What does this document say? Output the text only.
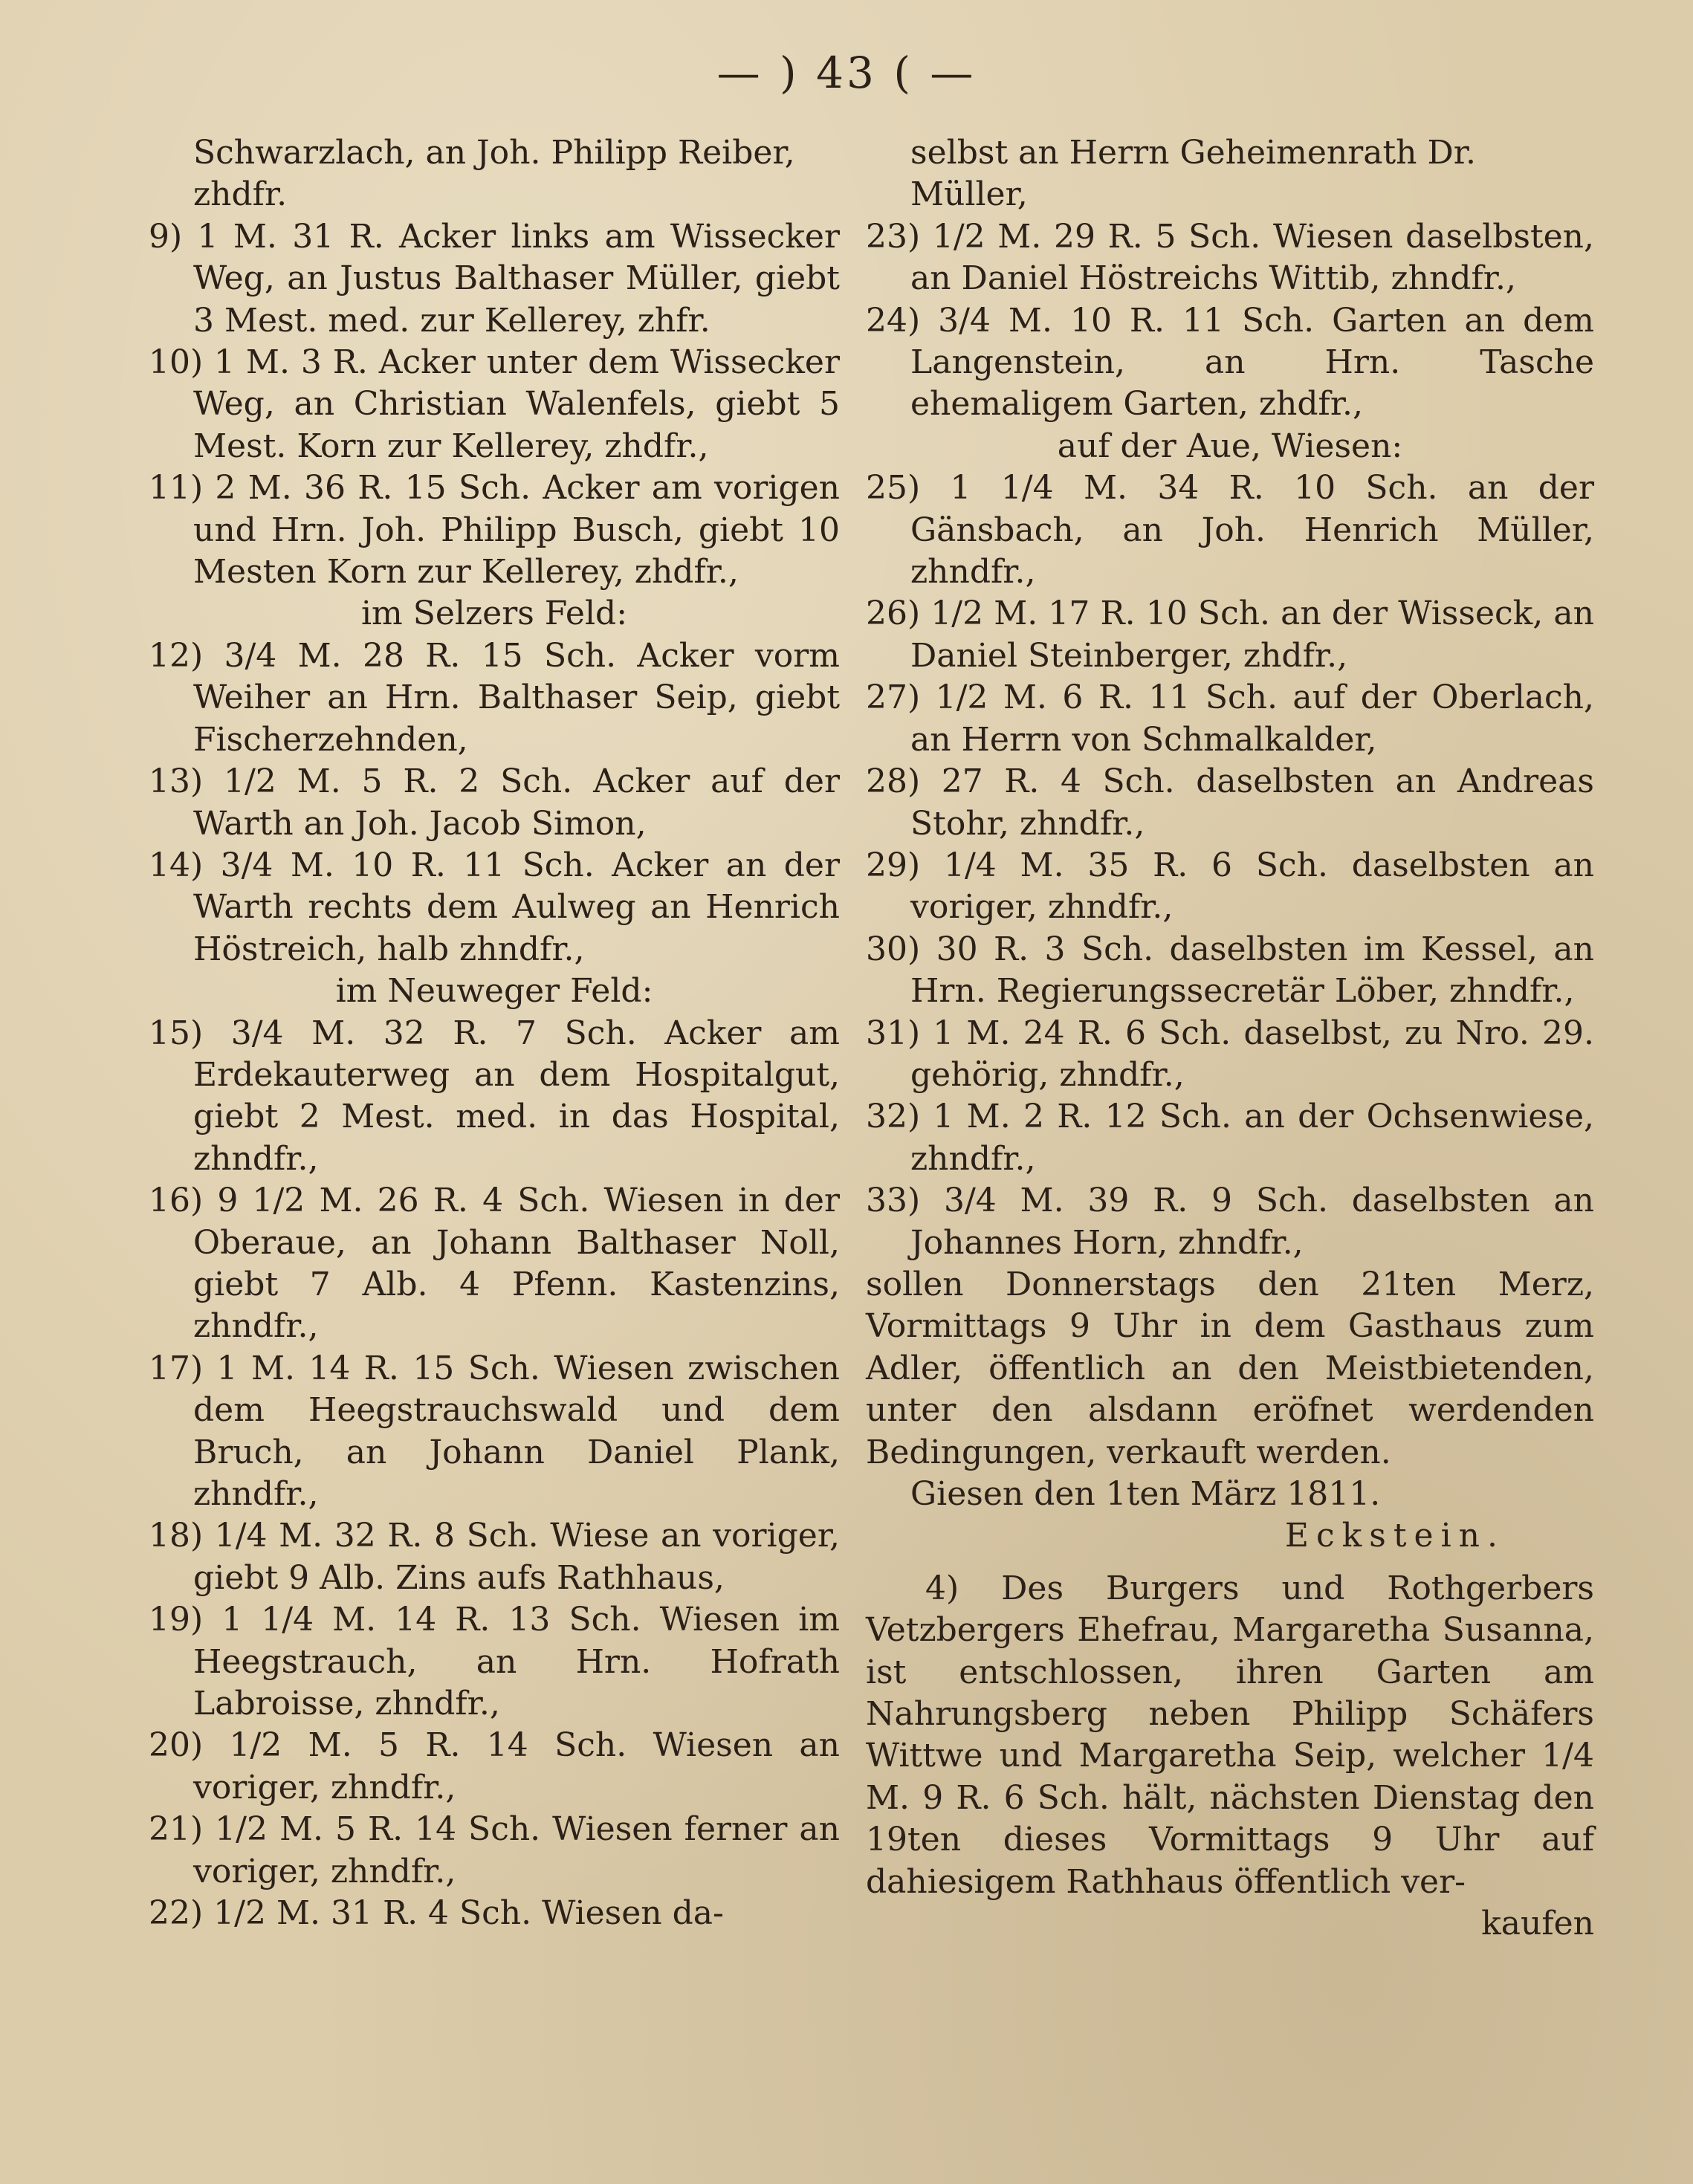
— ) 43 ( —

Schwarzlach, an Joh. Philipp Reiber, zhdfr.

9) 1 M. 31 R. Acker links am Wissecker Weg, an Justus Balthaser Müller, giebt 3 Mest. med. zur Kellerey, zhfr.

10) 1 M. 3 R. Acker unter dem Wissecker Weg, an Christian Walenfels, giebt 5 Mest. Korn zur Kellerey, zhdfr.,

11) 2 M. 36 R. 15 Sch. Acker am vorigen und Hrn. Joh. Philipp Busch, giebt 10 Mesten Korn zur Kellerey, zhdfr.,

im Selzers Feld:

12) 3/4 M. 28 R. 15 Sch. Acker vorm Weiher an Hrn. Balthaser Seip, giebt Fischerzehnden,

13) 1/2 M. 5 R. 2 Sch. Acker auf der Warth an Joh. Jacob Simon,

14) 3/4 M. 10 R. 11 Sch. Acker an der Warth rechts dem Aulweg an Henrich Höstreich, halb zhndfr.,

im Neuweger Feld:

15) 3/4 M. 32 R. 7 Sch. Acker am Erdekauterweg an dem Hospitalgut, giebt 2 Mest. med. in das Hospital, zhndfr.,

16) 9 1/2 M. 26 R. 4 Sch. Wiesen in der Oberaue, an Johann Balthaser Noll, giebt 7 Alb. 4 Pfenn. Kastenzins, zhndfr.,

17) 1 M. 14 R. 15 Sch. Wiesen zwischen dem Heegstrauchswald und dem Bruch, an Johann Daniel Plank, zhndfr.,

18) 1/4 M. 32 R. 8 Sch. Wiese an voriger, giebt 9 Alb. Zins aufs Rathhaus,

19) 1 1/4 M. 14 R. 13 Sch. Wiesen im Heegstrauch, an Hrn. Hofrath Labroisse, zhndfr.,

20) 1/2 M. 5 R. 14 Sch. Wiesen an voriger, zhndfr.,

21) 1/2 M. 5 R. 14 Sch. Wiesen ferner an voriger, zhndfr.,

22) 1/2 M. 31 R. 4 Sch. Wiesen da-

selbst an Herrn Geheimenrath Dr. Müller,

23) 1/2 M. 29 R. 5 Sch. Wiesen daselbsten, an Daniel Höstreichs Wittib, zhndfr.,

24) 3/4 M. 10 R. 11 Sch. Garten an dem Langenstein, an Hrn. Tasche ehemaligem Garten, zhdfr.,

auf der Aue, Wiesen:

25) 1 1/4 M. 34 R. 10 Sch. an der Gänsbach, an Joh. Henrich Müller, zhndfr.,

26) 1/2 M. 17 R. 10 Sch. an der Wisseck, an Daniel Steinberger, zhdfr.,

27) 1/2 M. 6 R. 11 Sch. auf der Oberlach, an Herrn von Schmalkalder,

28) 27 R. 4 Sch. daselbsten an Andreas Stohr, zhndfr.,

29) 1/4 M. 35 R. 6 Sch. daselbsten an voriger, zhndfr.,

30) 30 R. 3 Sch. daselbsten im Kessel, an Hrn. Regierungssecretär Löber, zhndfr.,

31) 1 M. 24 R. 6 Sch. daselbst, zu Nro. 29. gehörig, zhndfr.,

32) 1 M. 2 R. 12 Sch. an der Ochsenwiese, zhndfr.,

33) 3/4 M. 39 R. 9 Sch. daselbsten an Johannes Horn, zhndfr.,

sollen Donnerstags den 21ten Merz, Vormittags 9 Uhr in dem Gasthaus zum Adler, öffentlich an den Meistbietenden, unter den alsdann eröfnet werdenden Bedingungen, verkauft werden.

Giesen den 1ten März 1811.

Eckstein.

4) Des Burgers und Rothgerbers Vetzbergers Ehefrau, Margaretha Susanna, ist entschlossen, ihren Garten am Nahrungsberg neben Philipp Schäfers Wittwe und Margaretha Seip, welcher 1/4 M. 9 R. 6 Sch. hält, nächsten Dienstag den 19ten dieses Vormittags 9 Uhr auf dahiesigem Rathhaus öffentlich ver-

kaufen
